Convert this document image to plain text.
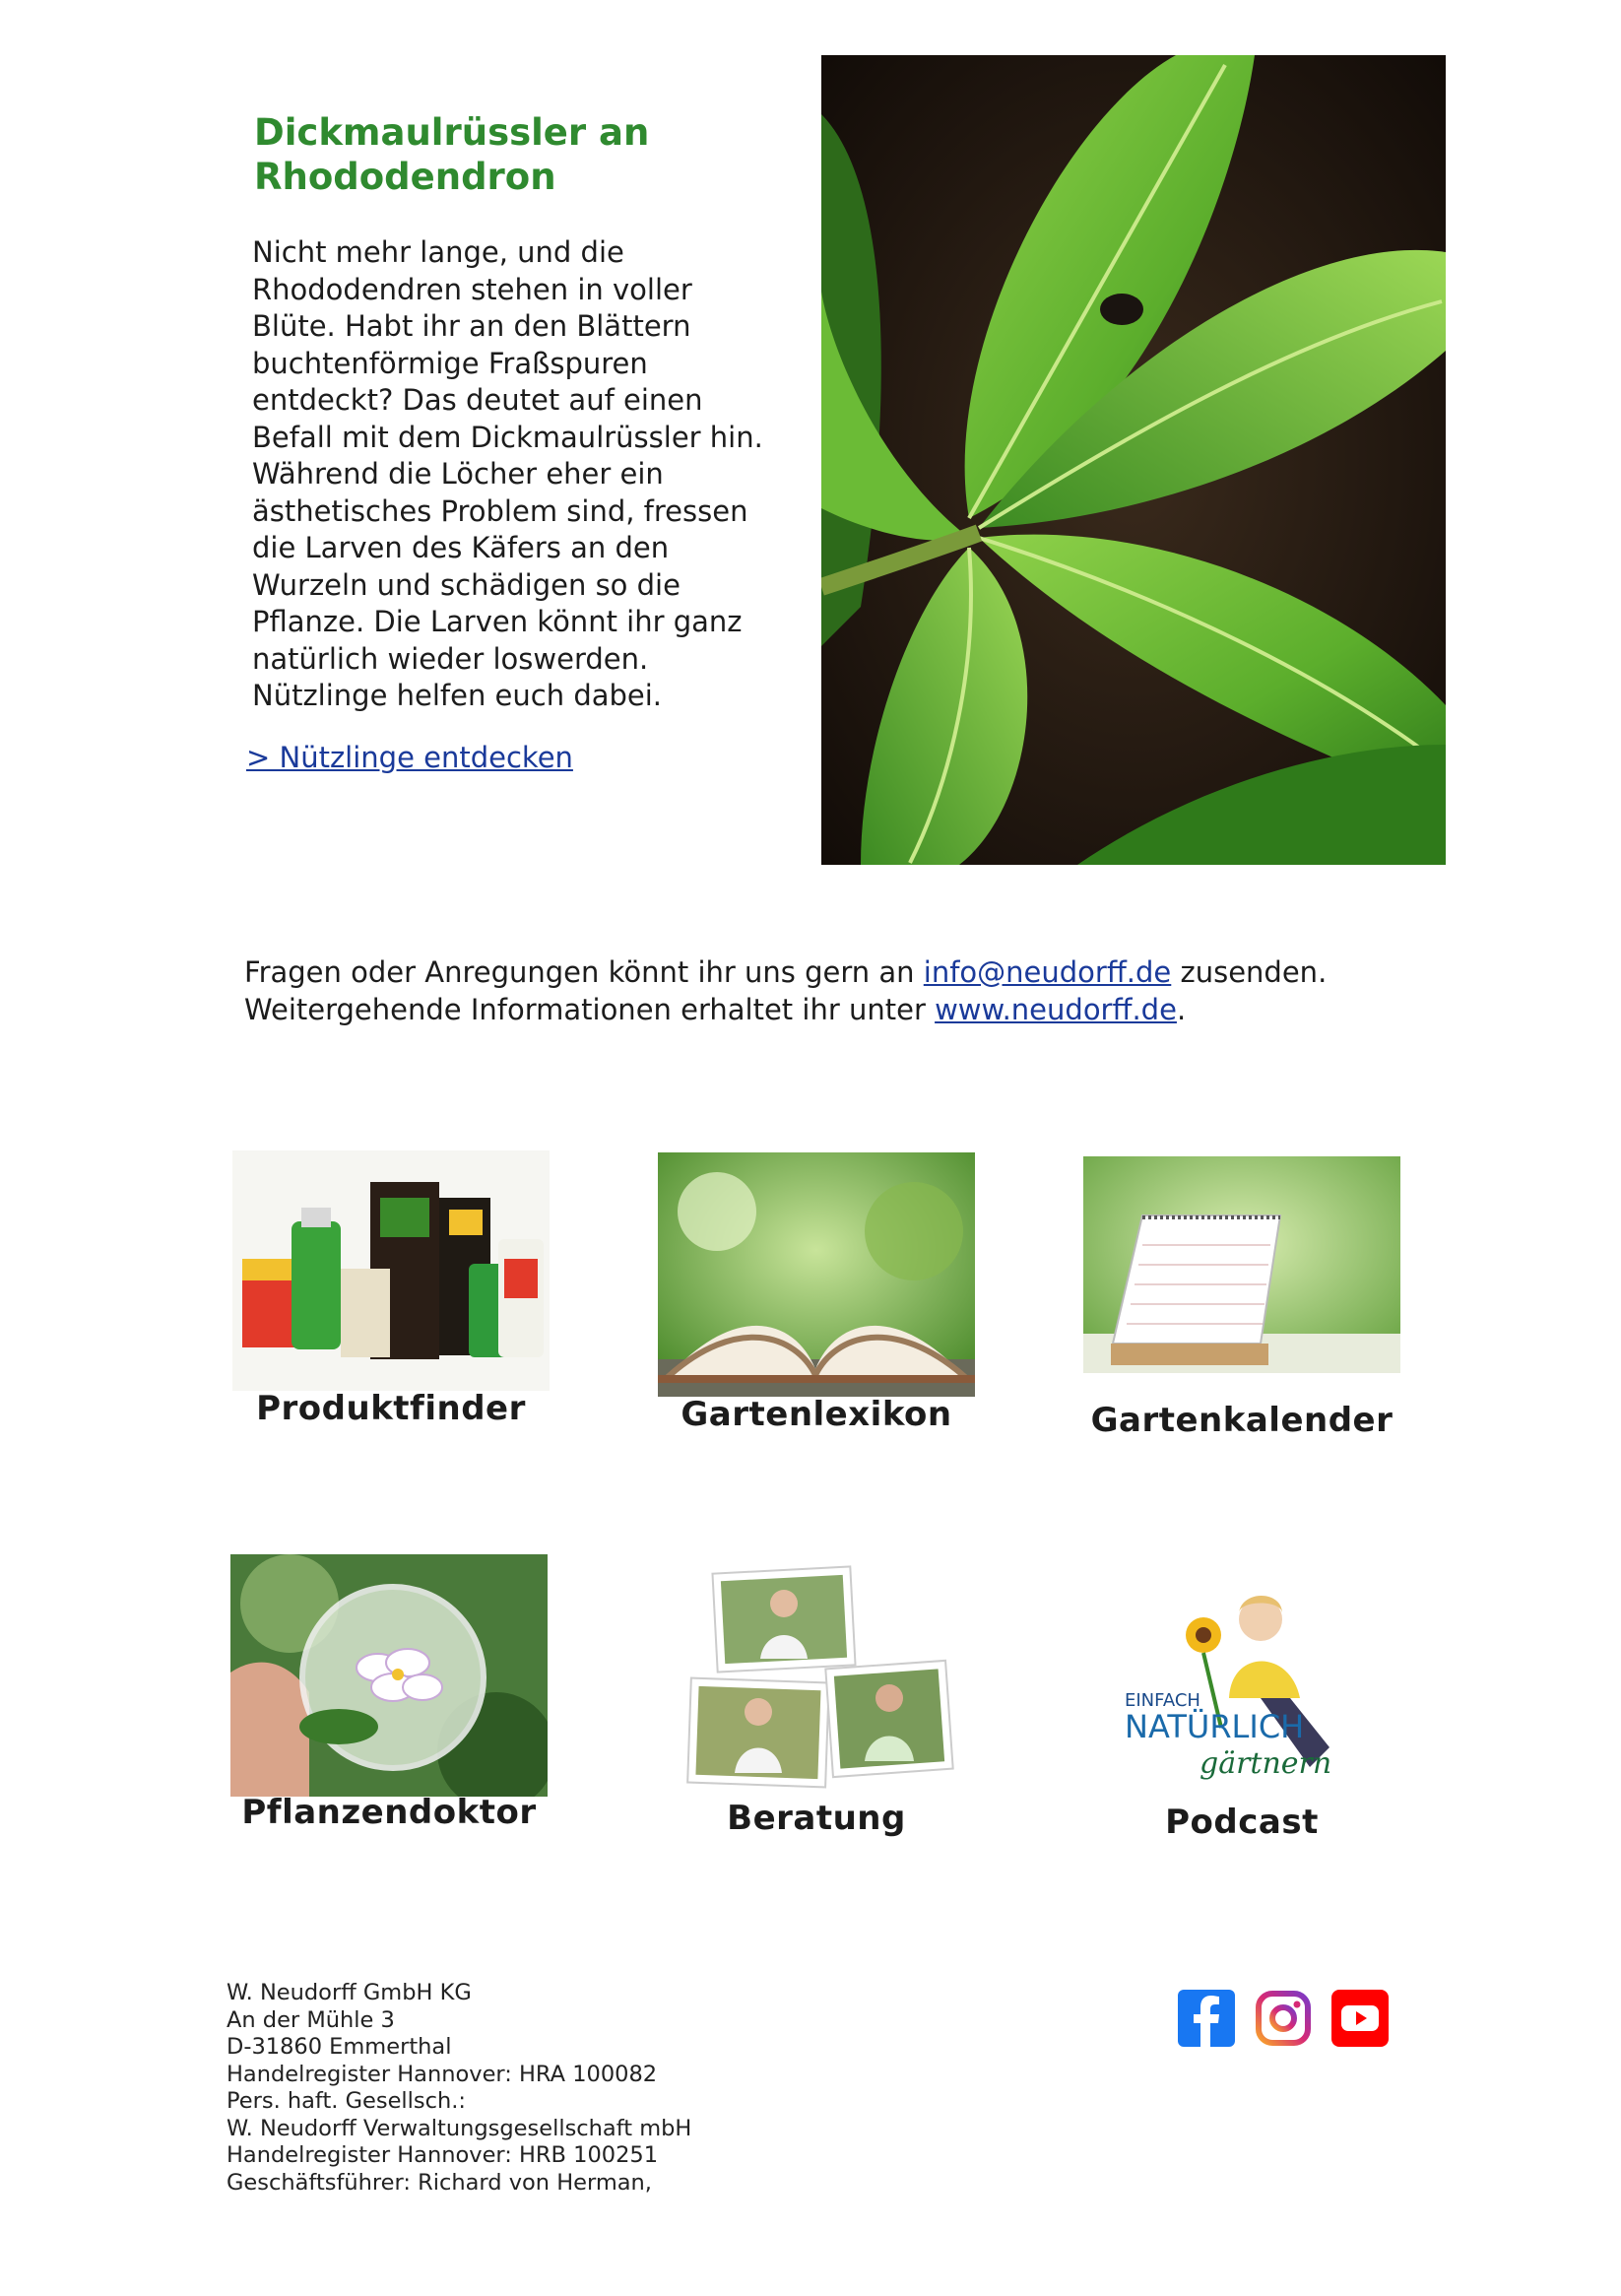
Dickmaulrüssler an Rhododendron
Nicht mehr lange, und die Rhododendren stehen in voller Blüte. Habt ihr an den Blättern buchtenförmige Fraßspuren entdeckt? Das deutet auf einen Befall mit dem Dickmaulrüssler hin. Während die Löcher eher ein ästhetisches Problem sind, fressen die Larven des Käfers an den Wurzeln und schädigen so die Pflanze. Die Larven könnt ihr ganz natürlich wieder loswerden. Nützlinge helfen euch dabei.
> Nützlinge entdecken
Fragen oder Anregungen könnt ihr uns gern an info@neudorff.de zusenden.
Weitergehende Informationen erhaltet ihr unter www.neudorff.de.
Produktfinder	Gartenlexikon	Gartenkalender
Pflanzendoktor	Beratung
EINFACH
NATÜRLICH
gärtnern
Podcast
W. Neudorff GmbH KG
An der Mühle 3
D-31860 Emmerthal
Handelregister Hannover: HRA 100082
Pers. haft. Gesellsch.:
W. Neudorff Verwaltungsgesellschaft mbH
Handelregister Hannover: HRB 100251
Geschäftsführer: Richard von Herman,
